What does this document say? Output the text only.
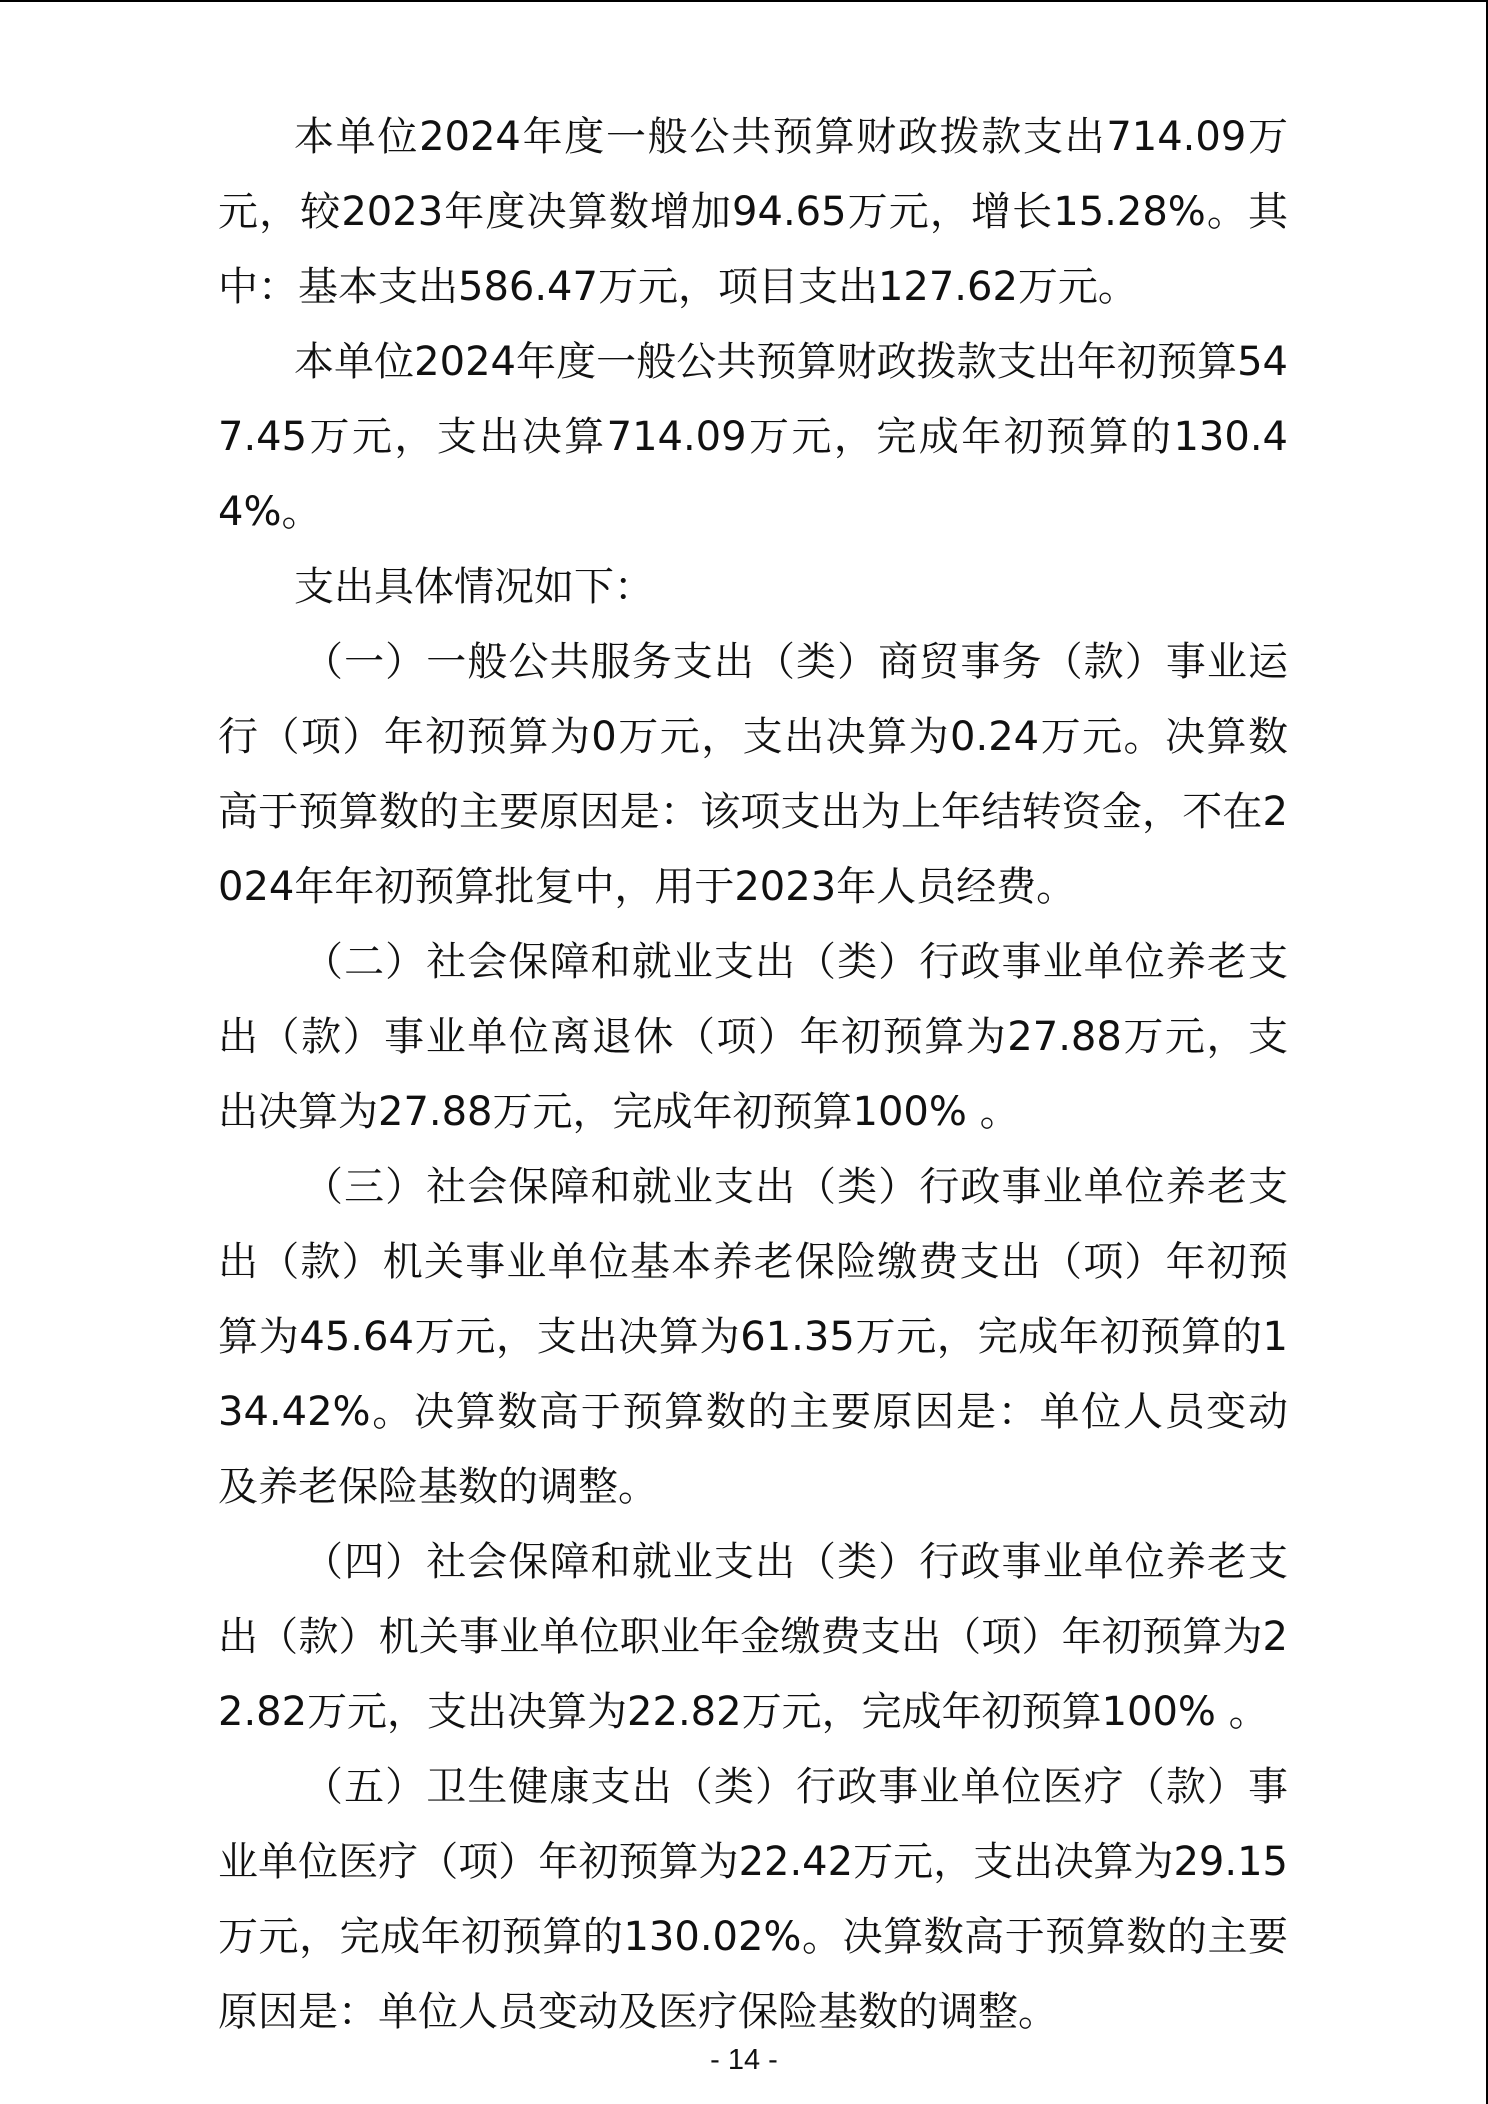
本单位2024年度一般公共预算财政拨款支出714.09万元，较2023年度决算数增加94.65万元，增长15.28%。其中：基本支出586.47万元，项目支出127.62万元。

本单位2024年度一般公共预算财政拨款支出年初预算547.45万元，支出决算714.09万元，完成年初预算的130.44%。

支出具体情况如下：

（一）一般公共服务支出（类）商贸事务（款）事业运行（项）年初预算为0万元，支出决算为0.24万元。决算数高于预算数的主要原因是：该项支出为上年结转资金，不在2024年年初预算批复中，用于2023年人员经费。

（二）社会保障和就业支出（类）行政事业单位养老支出（款）事业单位离退休（项）年初预算为27.88万元，支出决算为27.88万元，完成年初预算100% 。

（三）社会保障和就业支出（类）行政事业单位养老支出（款）机关事业单位基本养老保险缴费支出（项）年初预算为45.64万元，支出决算为61.35万元，完成年初预算的134.42%。决算数高于预算数的主要原因是：单位人员变动及养老保险基数的调整。

（四）社会保障和就业支出（类）行政事业单位养老支出（款）机关事业单位职业年金缴费支出（项）年初预算为22.82万元，支出决算为22.82万元，完成年初预算100% 。

（五）卫生健康支出（类）行政事业单位医疗（款）事业单位医疗（项）年初预算为22.42万元，支出决算为29.15万元，完成年初预算的130.02%。决算数高于预算数的主要原因是：单位人员变动及医疗保险基数的调整。

- 14 -
